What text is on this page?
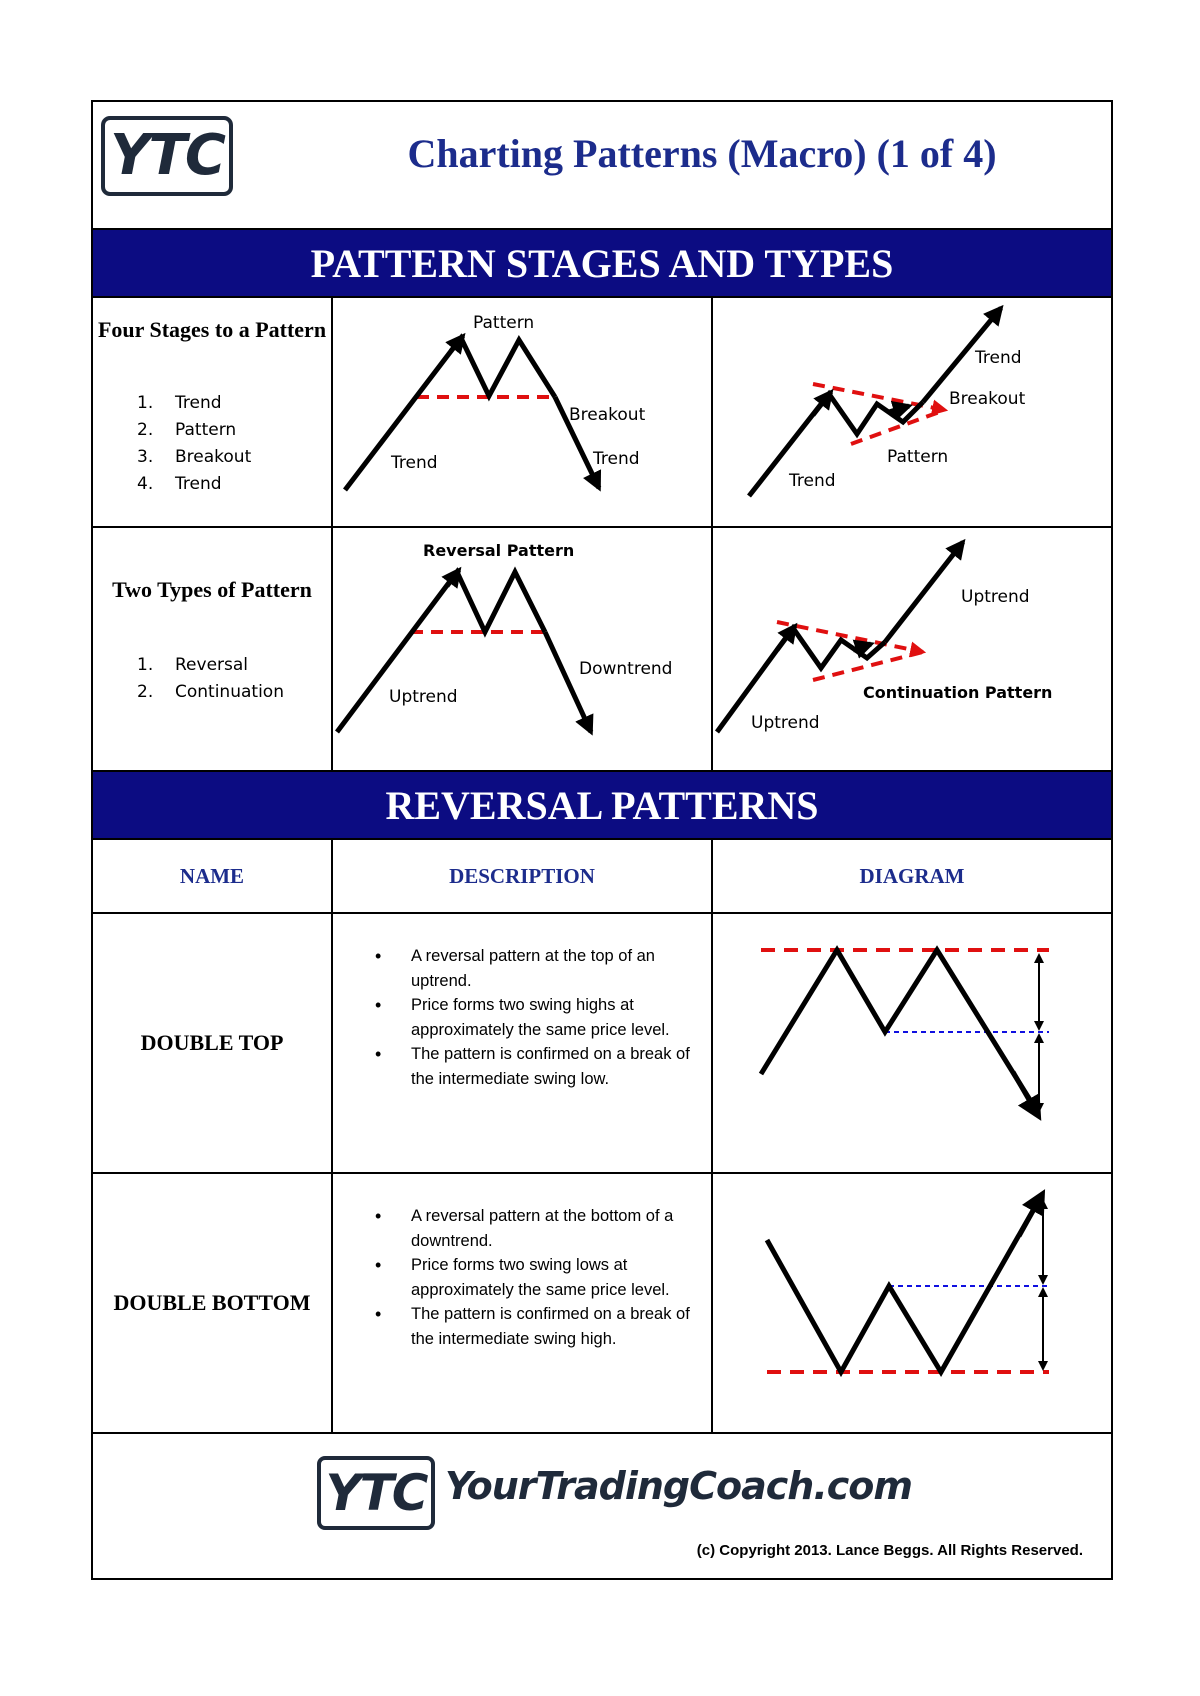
YTC	Charting Patterns (Macro) (1 of 4)
PATTERN STAGES AND TYPES
Four Stages to a Pattern
1.	Trend
2.	Pattern
3.	Breakout
4.	Trend
Pattern
Breakout
Trend	Trend
Trend
Breakout
Pattern
Trend
Two Types of Pattern
1.	Reversal
2.	Continuation
Reversal Pattern
Downtrend
Uptrend
Uptrend
Continuation Pattern
Uptrend
REVERSAL PATTERNS
NAME	DESCRIPTION	DIAGRAM
DOUBLE TOP
• A reversal pattern at the top of an uptrend.
• Price forms two swing highs at approximately the same price level.
• The pattern is confirmed on a break of the intermediate swing low.
DOUBLE BOTTOM
• A reversal pattern at the bottom of a downtrend.
• Price forms two swing lows at approximately the same price level.
• The pattern is confirmed on a break of the intermediate swing high.
YTC YourTradingCoach.com
(c) Copyright 2013. Lance Beggs. All Rights Reserved.
